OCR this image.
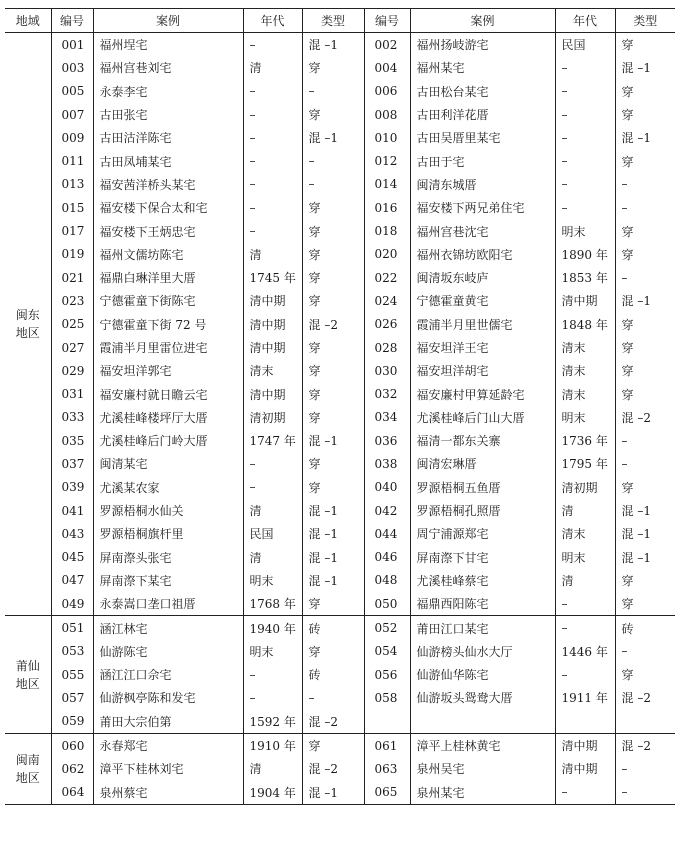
地域	编号	案例	年代	类型	编号	案例	年代	类型

闽东
地区	001	福州埕宅	–	混 –1	002	福州扬岐游宅	民国	穿
	003	福州宫巷刘宅	清	穿	004	福州某宅	–	混 –1
	005	永泰李宅	–	–	006	古田松台某宅	–	穿
	007	古田张宅	–	穿	008	古田利洋花厝	–	穿
	009	古田沽洋陈宅	–	混 –1	010	古田吴厝里某宅	–	混 –1
	011	古田凤埔某宅	–	–	012	古田于宅	–	穿
	013	福安茜洋桥头某宅	–	–	014	闽清东城厝	–	–
	015	福安楼下保合太和宅	–	穿	016	福安楼下两兄弟住宅	–	–
	017	福安楼下王炳忠宅	–	穿	018	福州宫巷沈宅	明末	穿
	019	福州文儒坊陈宅	清	穿	020	福州衣锦坊欧阳宅	1890 年	穿
	021	福鼎白琳洋里大厝	1745 年	穿	022	闽清坂东岐庐	1853 年	–
	023	宁德霍童下街陈宅	清中期	穿	024	宁德霍童黄宅	清中期	混 –1
	025	宁德霍童下街 72 号	清中期	混 –2	026	霞浦半月里世儒宅	1848 年	穿
	027	霞浦半月里雷位进宅	清中期	穿	028	福安坦洋王宅	清末	穿
	029	福安坦洋郭宅	清末	穿	030	福安坦洋胡宅	清末	穿
	031	福安廉村就日瞻云宅	清中期	穿	032	福安廉村甲算延龄宅	清末	穿
	033	尤溪桂峰楼坪厅大厝	清初期	穿	034	尤溪桂峰后门山大厝	明末	混 –2
	035	尤溪桂峰后门岭大厝	1747 年	混 –1	036	福清一都东关寨	1736 年	–
	037	闽清某宅	–	穿	038	闽清宏琳厝	1795 年	–
	039	尤溪某农家	–	穿	040	罗源梧桐五鱼厝	清初期	穿
	041	罗源梧桐水仙关	清	混 –1	042	罗源梧桐孔照厝	清	混 –1
	043	罗源梧桐旗杆里	民国	混 –1	044	周宁浦源郑宅	清末	混 –1
	045	屏南漈头张宅	清	混 –1	046	屏南漈下甘宅	明末	混 –1
	047	屏南漈下某宅	明末	混 –1	048	尤溪桂峰蔡宅	清	穿
	049	永泰嵩口垄口祖厝	1768 年	穿	050	福鼎西阳陈宅	–	穿

莆仙
地区	051	涵江林宅	1940 年	砖	052	莆田江口某宅	–	砖
	053	仙游陈宅	明末	穿	054	仙游榜头仙水大厅	1446 年	–
	055	涵江江口佘宅	–	砖	056	仙游仙华陈宅	–	穿
	057	仙游枫亭陈和发宅	–	–	058	仙游坂头鸳鸯大厝	1911 年	混 –2
	059	莆田大宗伯第	1592 年	混 –2				

闽南
地区	060	永春郑宅	1910 年	穿	061	漳平上桂林黄宅	清中期	混 –2
	062	漳平下桂林刘宅	清	混 –2	063	泉州吴宅	清中期	–
	064	泉州蔡宅	1904 年	混 –1	065	泉州某宅	–	–
